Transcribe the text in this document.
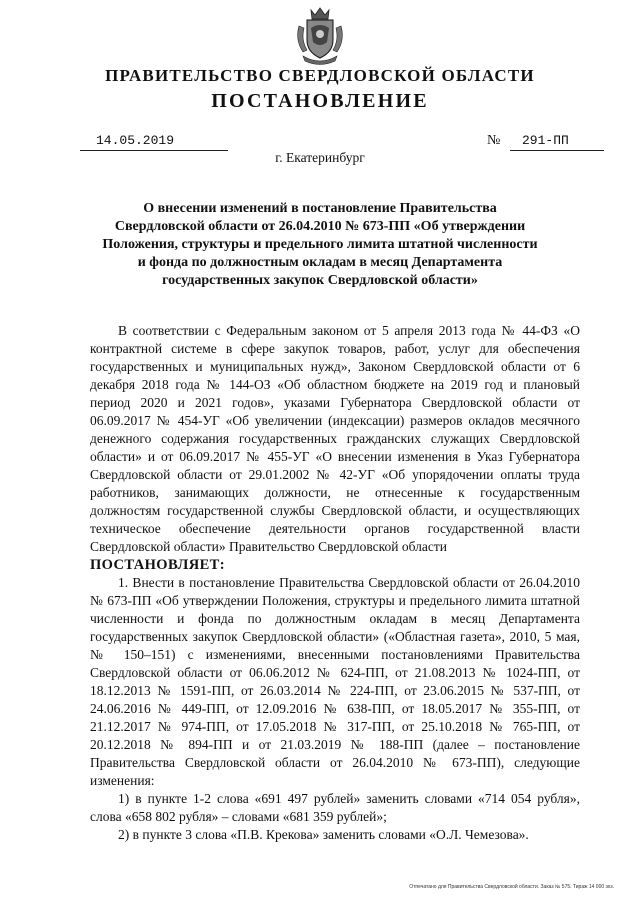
ПРАВИТЕЛЬСТВО СВЕРДЛОВСКОЙ ОБЛАСТИ
ПОСТАНОВЛЕНИЕ
14.05.2019	№	291-ПП
г. Екатеринбург
О внесении изменений в постановление Правительства Свердловской области от 26.04.2010 № 673-ПП «Об утверждении Положения, структуры и предельного лимита штатной численности и фонда по должностным окладам в месяц Департамента государственных закупок Свердловской области»

В соответствии с Федеральным законом от 5 апреля 2013 года № 44-ФЗ «О контрактной системе в сфере закупок товаров, работ, услуг для обеспечения государственных и муниципальных нужд», Законом Свердловской области от 6 декабря 2018 года № 144-ОЗ «Об областном бюджете на 2019 год и плановый период 2020 и 2021 годов», указами Губернатора Свердловской области от 06.09.2017 № 454-УГ «Об увеличении (индексации) размеров окладов месячного денежного содержания государственных гражданских служащих Свердловской области» и от 06.09.2017 № 455-УГ «О внесении изменения в Указ Губернатора Свердловской области от 29.01.2002 № 42-УГ «Об упорядочении оплаты труда работников, занимающих должности, не отнесенные к государственным должностям государственной службы Свердловской области, и осуществляющих техническое обеспечение деятельности органов государственной власти Свердловской области» Правительство Свердловской области

ПОСТАНОВЛЯЕТ:

1. Внести в постановление Правительства Свердловской области от 26.04.2010 № 673-ПП «Об утверждении Положения, структуры и предельного лимита штатной численности и фонда по должностным окладам в месяц Департамента государственных закупок Свердловской области» («Областная газета», 2010, 5 мая, № 150–151) с изменениями, внесенными постановлениями Правительства Свердловской области от 06.06.2012 № 624-ПП, от 21.08.2013 № 1024-ПП, от 18.12.2013 № 1591-ПП, от 26.03.2014 № 224-ПП, от 23.06.2015 № 537-ПП, от 24.06.2016 № 449-ПП, от 12.09.2016 № 638-ПП, от 18.05.2017 № 355-ПП, от 21.12.2017 № 974-ПП, от 17.05.2018 № 317-ПП, от 25.10.2018 № 765-ПП, от 20.12.2018 № 894-ПП и от 21.03.2019 № 188-ПП (далее – постановление Правительства Свердловской области от 26.04.2010 № 673-ПП), следующие изменения:

1) в пункте 1-2 слова «691 497 рублей» заменить словами «714 054 рубля», слова «658 802 рубля» – словами «681 359 рублей»;

2) в пункте 3 слова «П.В. Крекова» заменить словами «О.Л. Чемезова».

Отпечатано для Правительства Свердловской области. Заказ № 575. Тираж 14 000 экз.
